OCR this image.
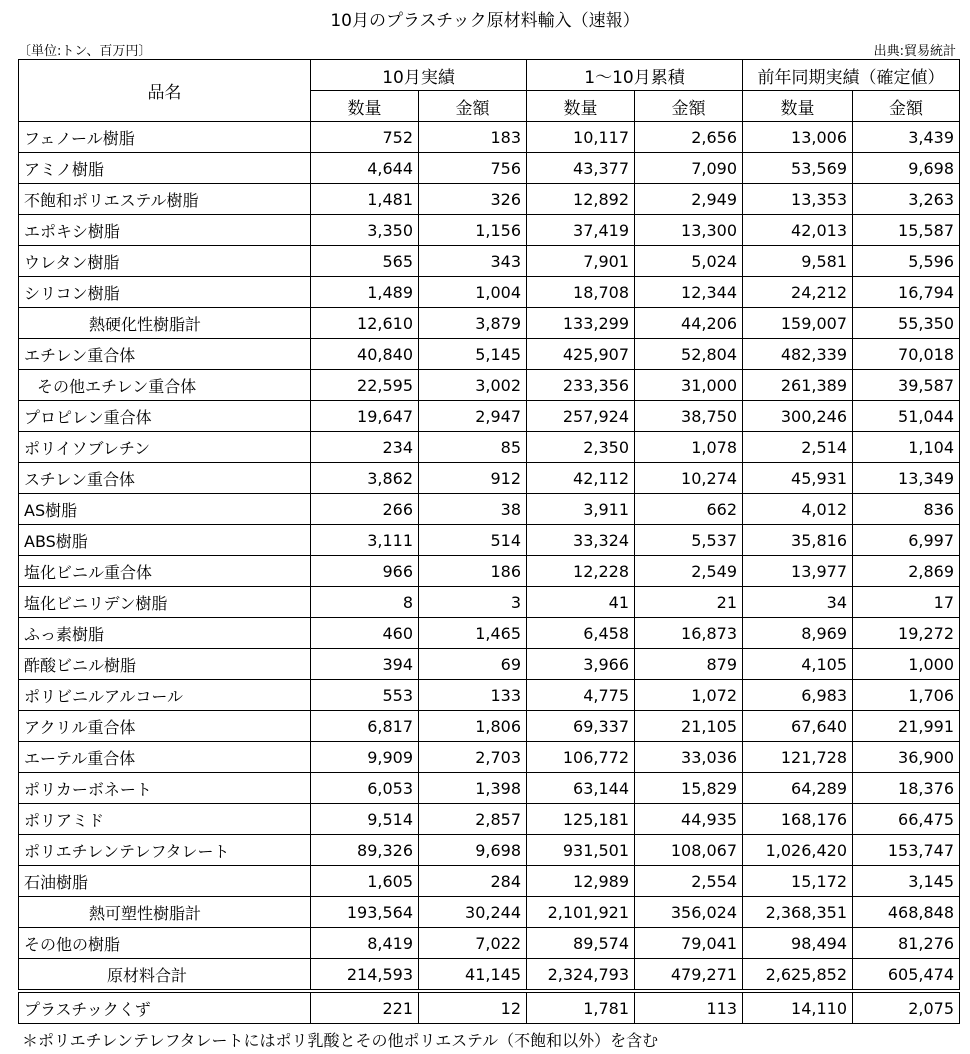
10月のプラスチック原材料輸入（速報）
〔単位:トン、百万円〕	出典:貿易統計
品名	10月実績		1～10月累積		前年同期実績（確定値）	
	数量	金額	数量	金額	数量	金額
フェノール樹脂	752	183	10,117	2,656	13,006	3,439
アミノ樹脂	4,644	756	43,377	7,090	53,569	9,698
不飽和ポリエステル樹脂	1,481	326	12,892	2,949	13,353	3,263
エポキシ樹脂	3,350	1,156	37,419	13,300	42,013	15,587
ウレタン樹脂	565	343	7,901	5,024	9,581	5,596
シリコン樹脂	1,489	1,004	18,708	12,344	24,212	16,794
熱硬化性樹脂計	12,610	3,879	133,299	44,206	159,007	55,350
エチレン重合体	40,840	5,145	425,907	52,804	482,339	70,018
その他エチレン重合体	22,595	3,002	233,356	31,000	261,389	39,587
プロピレン重合体	19,647	2,947	257,924	38,750	300,246	51,044
ポリイソブレチン	234	85	2,350	1,078	2,514	1,104
スチレン重合体	3,862	912	42,112	10,274	45,931	13,349
AS樹脂	266	38	3,911	662	4,012	836
ABS樹脂	3,111	514	33,324	5,537	35,816	6,997
塩化ビニル重合体	966	186	12,228	2,549	13,977	2,869
塩化ビニリデン樹脂	8	3	41	21	34	17
ふっ素樹脂	460	1,465	6,458	16,873	8,969	19,272
酢酸ビニル樹脂	394	69	3,966	879	4,105	1,000
ポリビニルアルコール	553	133	4,775	1,072	6,983	1,706
アクリル重合体	6,817	1,806	69,337	21,105	67,640	21,991
エーテル重合体	9,909	2,703	106,772	33,036	121,728	36,900
ポリカーボネート	6,053	1,398	63,144	15,829	64,289	18,376
ポリアミド	9,514	2,857	125,181	44,935	168,176	66,475
ポリエチレンテレフタレート	89,326	9,698	931,501	108,067	1,026,420	153,747
石油樹脂	1,605	284	12,989	2,554	15,172	3,145
熱可塑性樹脂計	193,564	30,244	2,101,921	356,024	2,368,351	468,848
その他の樹脂	8,419	7,022	89,574	79,041	98,494	81,276
原材料合計	214,593	41,145	2,324,793	479,271	2,625,852	605,474
プラスチックくず	221	12	1,781	113	14,110	2,075
＊ポリエチレンテレフタレートにはポリ乳酸とその他ポリエステル（不飽和以外）を含む
